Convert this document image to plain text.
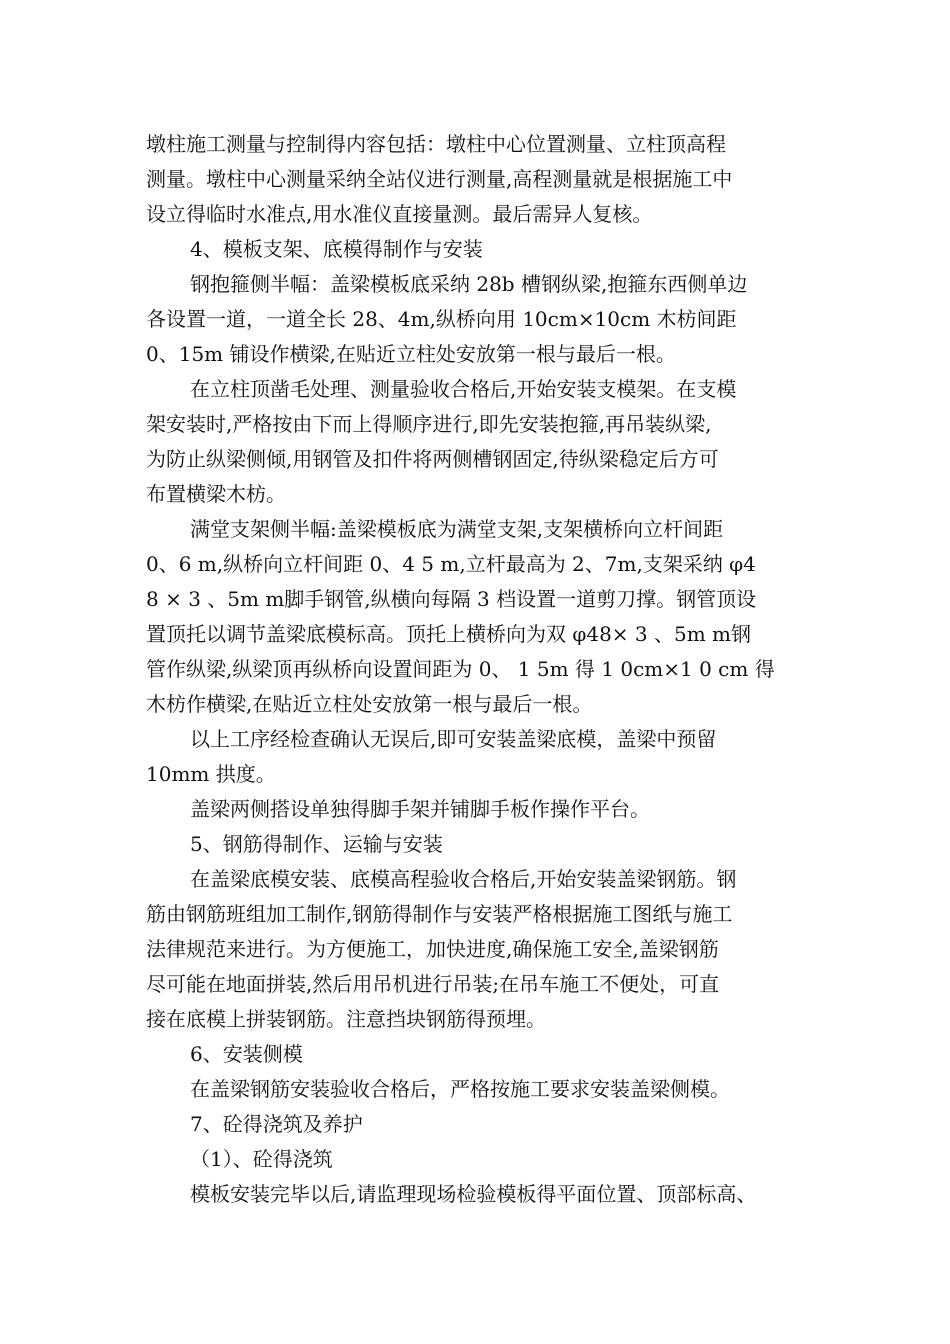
墩柱施工测量与控制得内容包括：墩柱中心位置测量、立柱顶高程
测量。墩柱中心测量采纳全站仪进行测量,高程测量就是根据施工中
设立得临时水准点,用水准仪直接量测。最后需异人复核。
4、模板支架、底模得制作与安装
钢抱箍侧半幅：盖梁模板底采纳 28b 槽钢纵梁,抱箍东西侧单边
各设置一道，一道全长 28、4m,纵桥向用 10cm×10cm 木枋间距
0、15m 铺设作横梁,在贴近立柱处安放第一根与最后一根。
在立柱顶凿毛处理、测量验收合格后,开始安装支模架。在支模
架安装时,严格按由下而上得顺序进行,即先安装抱箍,再吊装纵梁,
为防止纵梁侧倾,用钢管及扣件将两侧槽钢固定,待纵梁稳定后方可
布置横梁木枋。
满堂支架侧半幅:盖梁模板底为满堂支架,支架横桥向立杆间距
0、6 m,纵桥向立杆间距 0、4 5 m,立杆最高为 2、7m,支架采纳 φ4
8 × 3 、5m m脚手钢管,纵横向每隔 3 档设置一道剪刀撑。钢管顶设
置顶托以调节盖梁底模标高。顶托上横桥向为双 φ48× 3 、5m m钢
管作纵梁,纵梁顶再纵桥向设置间距为 0、 1 5m 得 1 0cm×1 0 cm 得
木枋作横梁,在贴近立柱处安放第一根与最后一根。
以上工序经检查确认无误后,即可安装盖梁底模，盖梁中预留
10mm 拱度。
盖梁两侧搭设单独得脚手架并铺脚手板作操作平台。
5、钢筋得制作、运输与安装
在盖梁底模安装、底模高程验收合格后,开始安装盖梁钢筋。钢
筋由钢筋班组加工制作,钢筋得制作与安装严格根据施工图纸与施工
法律规范来进行。为方便施工，加快进度,确保施工安全,盖梁钢筋
尽可能在地面拼装,然后用吊机进行吊装;在吊车施工不便处，可直
接在底模上拼装钢筋。注意挡块钢筋得预埋。
6、安装侧模
在盖梁钢筋安装验收合格后，严格按施工要求安装盖梁侧模。
7、砼得浇筑及养护
（1）、砼得浇筑
模板安装完毕以后,请监理现场检验模板得平面位置、顶部标高、
